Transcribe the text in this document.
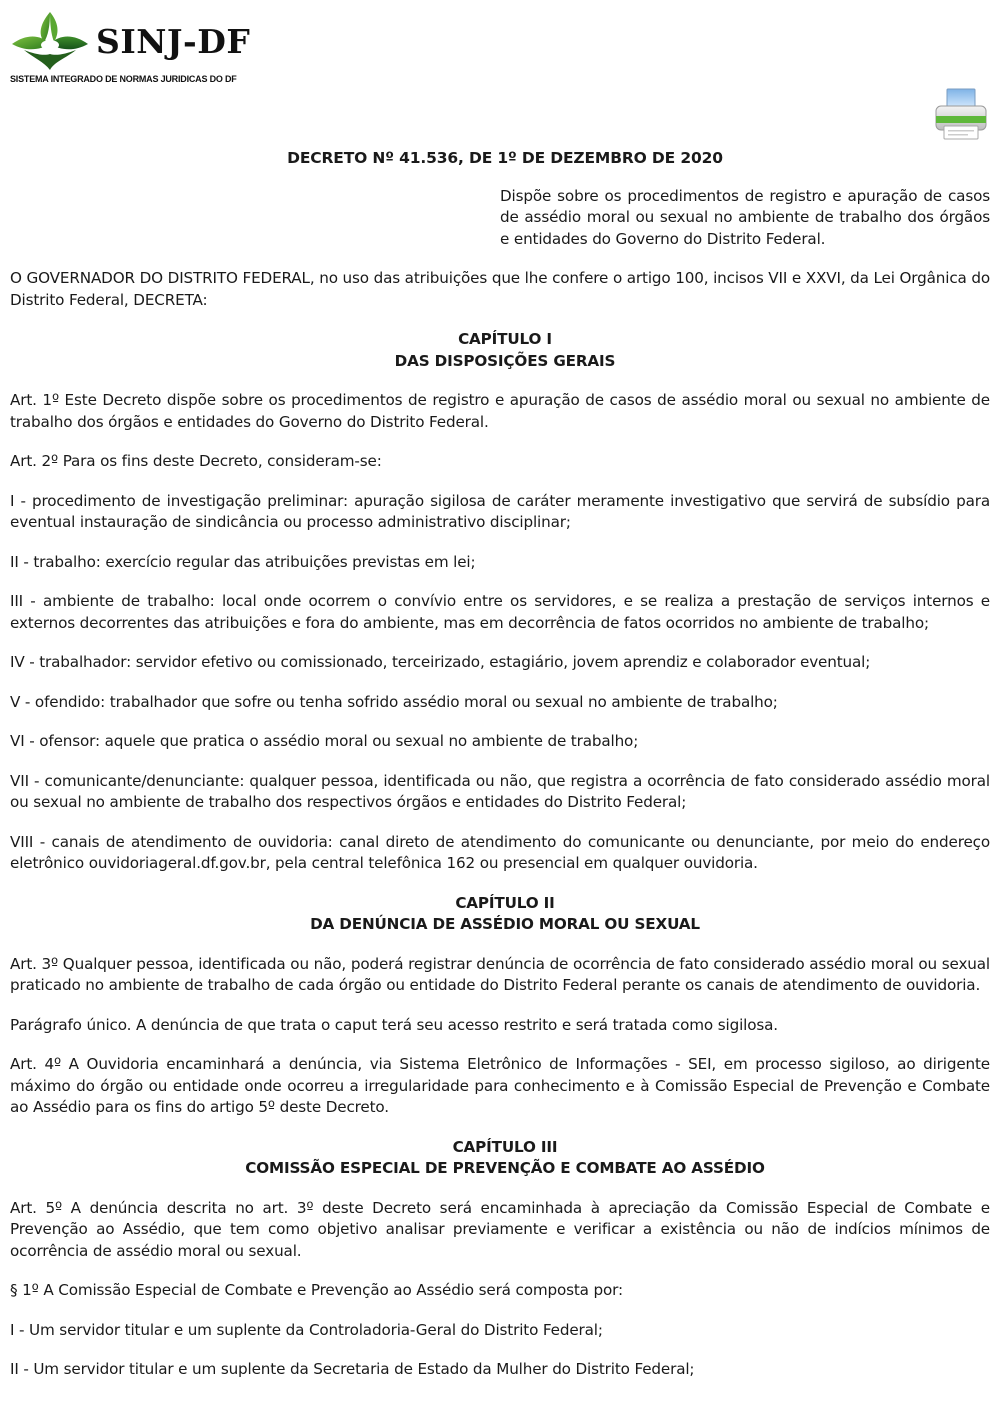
SINJ-DF
SISTEMA INTEGRADO DE NORMAS JURIDICAS DO DF
DECRETO Nº 41.536, DE 1º DE DEZEMBRO DE 2020
Dispõe sobre os procedimentos de registro e apuração de casos de assédio moral ou sexual no ambiente de trabalho dos órgãos e entidades do Governo do Distrito Federal.
O GOVERNADOR DO DISTRITO FEDERAL, no uso das atribuições que lhe confere o artigo 100, incisos VII e XXVI, da Lei Orgânica do Distrito Federal, DECRETA:
CAPÍTULO I
DAS DISPOSIÇÕES GERAIS
Art. 1º Este Decreto dispõe sobre os procedimentos de registro e apuração de casos de assédio moral ou sexual no ambiente de trabalho dos órgãos e entidades do Governo do Distrito Federal.
Art. 2º Para os fins deste Decreto, consideram-se:
I - procedimento de investigação preliminar: apuração sigilosa de caráter meramente investigativo que servirá de subsídio para eventual instauração de sindicância ou processo administrativo disciplinar;
II - trabalho: exercício regular das atribuições previstas em lei;
III - ambiente de trabalho: local onde ocorrem o convívio entre os servidores, e se realiza a prestação de serviços internos e externos decorrentes das atribuições e fora do ambiente, mas em decorrência de fatos ocorridos no ambiente de trabalho;
IV - trabalhador: servidor efetivo ou comissionado, terceirizado, estagiário, jovem aprendiz e colaborador eventual;
V - ofendido: trabalhador que sofre ou tenha sofrido assédio moral ou sexual no ambiente de trabalho;
VI - ofensor: aquele que pratica o assédio moral ou sexual no ambiente de trabalho;
VII - comunicante/denunciante: qualquer pessoa, identificada ou não, que registra a ocorrência de fato considerado assédio moral ou sexual no ambiente de trabalho dos respectivos órgãos e entidades do Distrito Federal;
VIII - canais de atendimento de ouvidoria: canal direto de atendimento do comunicante ou denunciante, por meio do endereço eletrônico ouvidoriageral.df.gov.br, pela central telefônica 162 ou presencial em qualquer ouvidoria.
CAPÍTULO II
DA DENÚNCIA DE ASSÉDIO MORAL OU SEXUAL
Art. 3º Qualquer pessoa, identificada ou não, poderá registrar denúncia de ocorrência de fato considerado assédio moral ou sexual praticado no ambiente de trabalho de cada órgão ou entidade do Distrito Federal perante os canais de atendimento de ouvidoria.
Parágrafo único. A denúncia de que trata o caput terá seu acesso restrito e será tratada como sigilosa.
Art. 4º A Ouvidoria encaminhará a denúncia, via Sistema Eletrônico de Informações - SEI, em processo sigiloso, ao dirigente máximo do órgão ou entidade onde ocorreu a irregularidade para conhecimento e à Comissão Especial de Prevenção e Combate ao Assédio para os fins do artigo 5º deste Decreto.
CAPÍTULO III
COMISSÃO ESPECIAL DE PREVENÇÃO E COMBATE AO ASSÉDIO
Art. 5º A denúncia descrita no art. 3º deste Decreto será encaminhada à apreciação da Comissão Especial de Combate e Prevenção ao Assédio, que tem como objetivo analisar previamente e verificar a existência ou não de indícios mínimos de ocorrência de assédio moral ou sexual.
§ 1º A Comissão Especial de Combate e Prevenção ao Assédio será composta por:
I - Um servidor titular e um suplente da Controladoria-Geral do Distrito Federal;
II - Um servidor titular e um suplente da Secretaria de Estado da Mulher do Distrito Federal;
